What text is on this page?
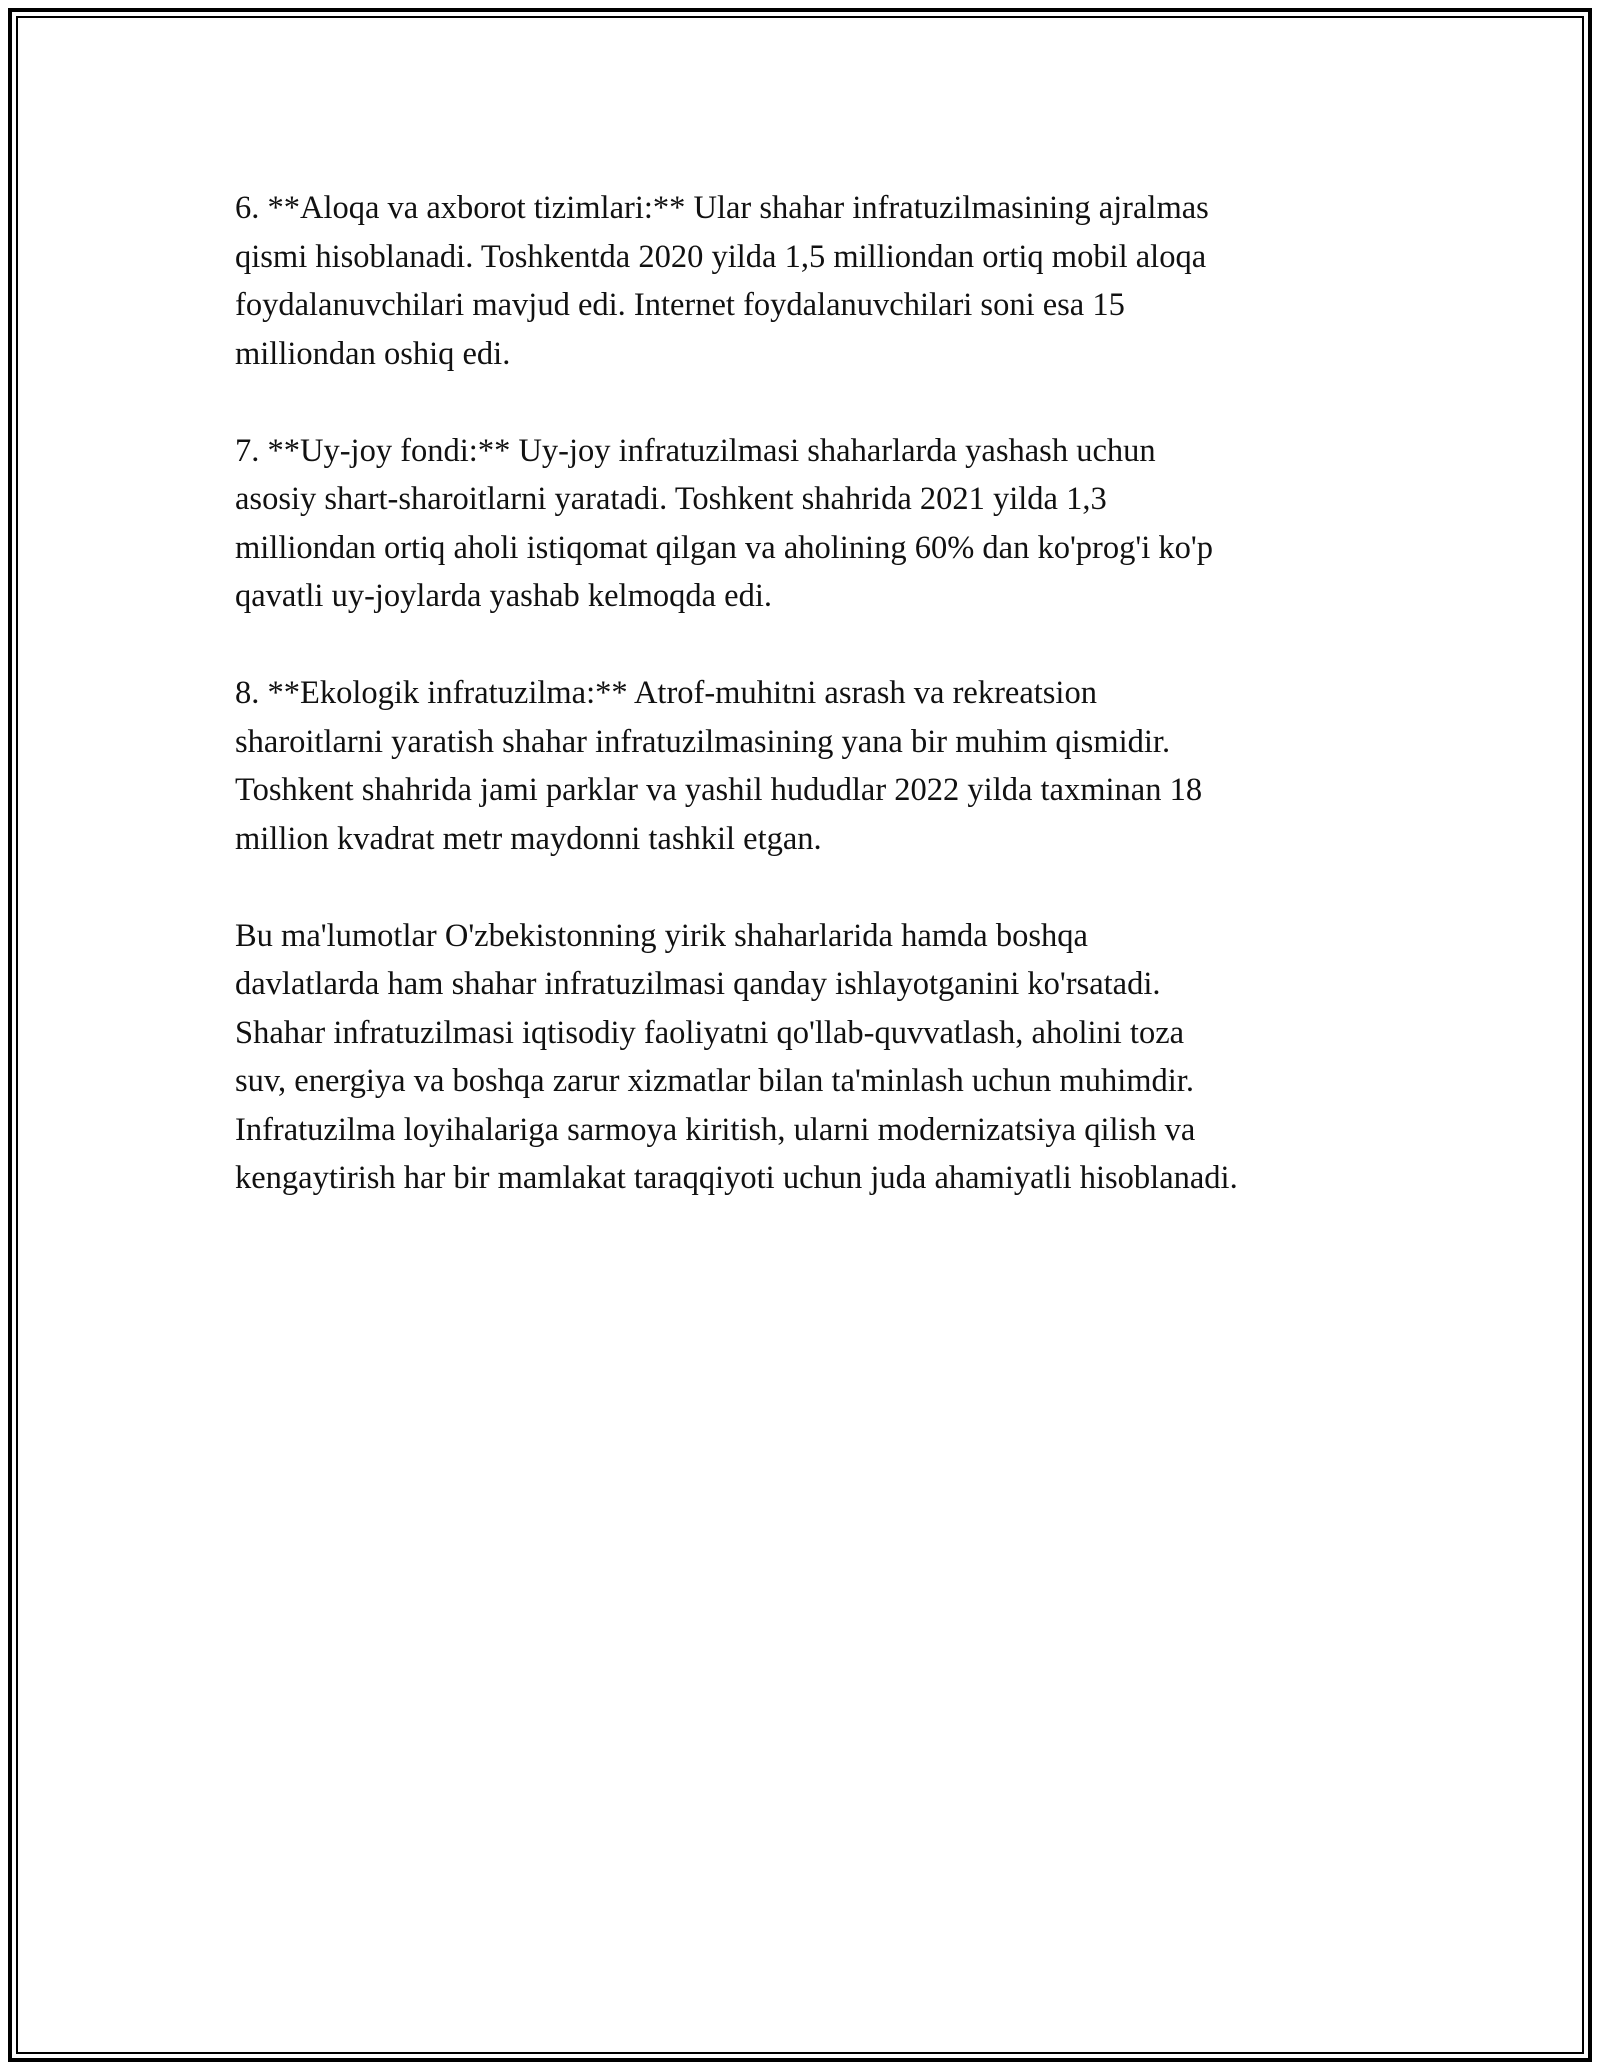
6. **Aloqa va axborot tizimlari:** Ular shahar infratuzilmasining ajralmas
qismi hisoblanadi. Toshkentda 2020 yilda 1,5 milliondan ortiq mobil aloqa
foydalanuvchilari mavjud edi. Internet foydalanuvchilari soni esa 15
milliondan oshiq edi.

7. **Uy-joy fondi:** Uy-joy infratuzilmasi shaharlarda yashash uchun
asosiy shart-sharoitlarni yaratadi. Toshkent shahrida 2021 yilda 1,3
milliondan ortiq aholi istiqomat qilgan va aholining 60% dan ko'prog'i ko'p
qavatli uy-joylarda yashab kelmoqda edi.

8. **Ekologik infratuzilma:** Atrof-muhitni asrash va rekreatsion
sharoitlarni yaratish shahar infratuzilmasining yana bir muhim qismidir.
Toshkent shahrida jami parklar va yashil hududlar 2022 yilda taxminan 18
million kvadrat metr maydonni tashkil etgan.

Bu ma'lumotlar O'zbekistonning yirik shaharlarida hamda boshqa
davlatlarda ham shahar infratuzilmasi qanday ishlayotganini ko'rsatadi.
Shahar infratuzilmasi iqtisodiy faoliyatni qo'llab-quvvatlash, aholini toza
suv, energiya va boshqa zarur xizmatlar bilan ta'minlash uchun muhimdir.
Infratuzilma loyihalariga sarmoya kiritish, ularni modernizatsiya qilish va
kengaytirish har bir mamlakat taraqqiyoti uchun juda ahamiyatli hisoblanadi.
